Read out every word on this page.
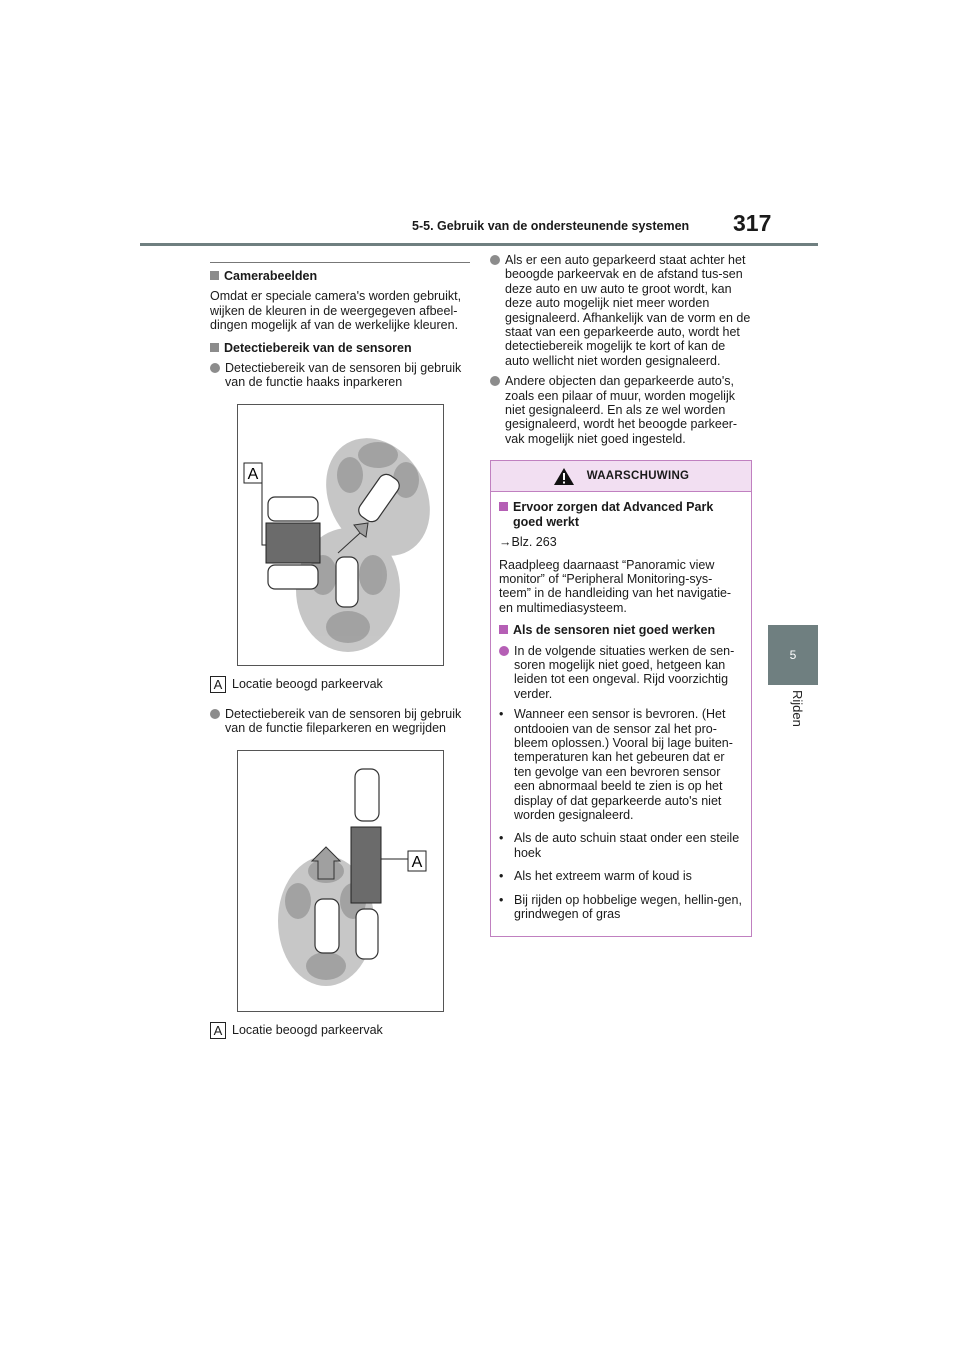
317
5-5. Gebruik van de ondersteunende systemen
5
Rijden
Camerabeelden
Omdat er speciale camera's worden gebruikt, wijken de kleuren in de weergegeven afbeel-dingen mogelijk af van de werkelijke kleuren.
Detectiebereik van de sensoren
Detectiebereik van de sensoren bij gebruik van de functie haaks inparkeren
A
A Locatie beoogd parkeervak
Detectiebereik van de sensoren bij gebruik van de functie fileparkeren en wegrijden
A
A Locatie beoogd parkeervak
Als er een auto geparkeerd staat achter het beoogde parkeervak en de afstand tus-sen deze auto en uw auto te groot wordt, kan deze auto mogelijk niet meer worden gesignaleerd. Afhankelijk van de vorm en de staat van een geparkeerde auto, wordt het detectiebereik mogelijk te kort of kan de auto wellicht niet worden gesignaleerd.
Andere objecten dan geparkeerde auto's, zoals een pilaar of muur, worden mogelijk niet gesignaleerd. En als ze wel worden gesignaleerd, wordt het beoogde parkeer-vak mogelijk niet goed ingesteld.
WAARSCHUWING
Ervoor zorgen dat Advanced Park goed werkt
→Blz. 263
Raadpleeg daarnaast “Panoramic view monitor” of “Peripheral Monitoring-sys-teem” in de handleiding van het navigatie- en multimediasysteem.
Als de sensoren niet goed werken
In de volgende situaties werken de sen-soren mogelijk niet goed, hetgeen kan leiden tot een ongeval. Rijd voorzichtig verder.
• Wanneer een sensor is bevroren. (Het ontdooien van de sensor zal het pro-bleem oplossen.) Vooral bij lage buiten-temperaturen kan het gebeuren dat er ten gevolge van een bevroren sensor een abnormaal beeld te zien is op het display of dat geparkeerde auto's niet worden gesignaleerd.
• Als de auto schuin staat onder een steile hoek
• Als het extreem warm of koud is
• Bij rijden op hobbelige wegen, hellin-gen, grindwegen of gras
